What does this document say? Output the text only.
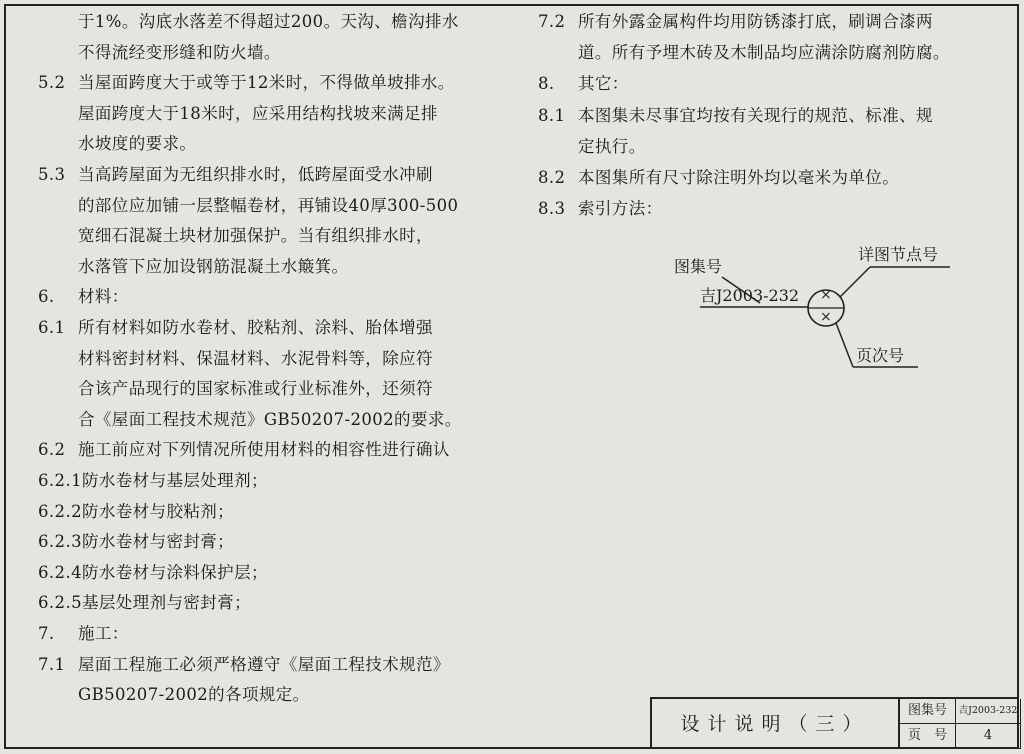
于1%。沟底水落差不得超过200。天沟、檐沟排水
不得流经变形缝和防火墙。
5.2 当屋面跨度大于或等于12米时，不得做单坡排水。
屋面跨度大于18米时，应采用结构找坡来满足排
水坡度的要求。
5.3 当高跨屋面为无组织排水时，低跨屋面受水冲刷
的部位应加铺一层整幅卷材，再铺设40厚300-500
宽细石混凝土块材加强保护。当有组织排水时，
水落管下应加设钢筋混凝土水簸箕。
6. 材料：
6.1 所有材料如防水卷材、胶粘剂、涂料、胎体增强
材料密封材料、保温材料、水泥骨料等，除应符
合该产品现行的国家标准或行业标准外，还须符
合《屋面工程技术规范》GB50207-2002的要求。
6.2 施工前应对下列情况所使用材料的相容性进行确认
6.2.1防水卷材与基层处理剂；
6.2.2防水卷材与胶粘剂；
6.2.3防水卷材与密封膏；
6.2.4防水卷材与涂料保护层；
6.2.5基层处理剂与密封膏；
7. 施工：
7.1 屋面工程施工必须严格遵守《屋面工程技术规范》
GB50207-2002的各项规定。
7.2 所有外露金属构件均用防锈漆打底，刷调合漆两
道。所有予埋木砖及木制品均应满涂防腐剂防腐。
8. 其它：
8.1 本图集未尽事宜均按有关现行的规范、标准、规
定执行。
8.2 本图集所有尺寸除注明外均以毫米为单位。
8.3 索引方法：
图集号
吉J2003-232 ×
×
详图节点号
页次号
设计说明（三）
图集号	吉J2003-232
页　号	4
